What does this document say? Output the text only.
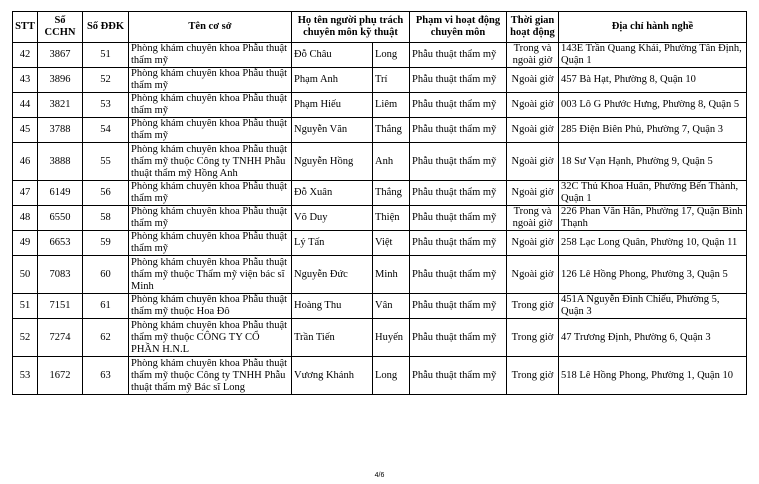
STT	Số CCHN	Số ĐĐK	Tên cơ sở	Họ tên người phụ trách chuyên môn kỹ thuật		Phạm vi hoạt động chuyên môn	Thời gian hoạt động	Địa chỉ hành nghề
42	3867	51	Phòng khám chuyên khoa Phẫu thuật thẩm mỹ	Đỗ Châu	Long	Phẫu thuật thẩm mỹ	Trong và ngoài giờ	143E Trần Quang Khải, Phường Tân Định, Quận 1
43	3896	52	Phòng khám chuyên khoa Phẫu thuật thẩm mỹ	Phạm Anh	Trí	Phẫu thuật thẩm mỹ	Ngoài giờ	457 Bà Hạt, Phường 8, Quận 10
44	3821	53	Phòng khám chuyên khoa Phẫu thuật thẩm mỹ	Phạm Hiếu	Liêm	Phẫu thuật thẩm mỹ	Ngoài giờ	003 Lô G Phước Hưng, Phường 8, Quận 5
45	3788	54	Phòng khám chuyên khoa Phẫu thuật thẩm mỹ	Nguyễn Văn	Thắng	Phẫu thuật thẩm mỹ	Ngoài giờ	285 Điện Biên Phủ, Phường 7, Quận 3
46	3888	55	Phòng khám chuyên khoa Phẫu thuật thẩm mỹ thuộc Công ty TNHH Phẫu thuật thẩm mỹ Hồng Anh	Nguyễn Hồng	Anh	Phẫu thuật thẩm mỹ	Ngoài giờ	18 Sư Vạn Hạnh, Phường 9, Quận 5
47	6149	56	Phòng khám chuyên khoa Phẫu thuật thẩm mỹ	Đỗ Xuân	Thắng	Phẫu thuật thẩm mỹ	Ngoài giờ	32C Thủ Khoa Huân, Phường Bến Thành, Quận 1
48	6550	58	Phòng khám chuyên khoa Phẫu thuật thẩm mỹ	Võ Duy	Thiện	Phẫu thuật thẩm mỹ	Trong và ngoài giờ	226 Phan Văn Hân, Phường 17, Quận Bình Thạnh
49	6653	59	Phòng khám chuyên khoa Phẫu thuật thẩm mỹ	Lý Tấn	Việt	Phẫu thuật thẩm mỹ	Ngoài giờ	258 Lạc Long Quân, Phường 10, Quận 11
50	7083	60	Phòng khám chuyên khoa Phẫu thuật thẩm mỹ thuộc Thẩm mỹ viện bác sĩ Minh	Nguyễn Đức	Minh	Phẫu thuật thẩm mỹ	Ngoài giờ	126 Lê Hồng Phong, Phường 3, Quận 5
51	7151	61	Phòng khám chuyên khoa Phẫu thuật thẩm mỹ thuộc Hoa Đô	Hoàng Thu	Vân	Phẫu thuật thẩm mỹ	Trong giờ	451A Nguyễn Đình Chiểu, Phường 5, Quận 3
52	7274	62	Phòng khám chuyên khoa Phẫu thuật thẩm mỹ thuộc CÔNG TY CỔ PHẦN H.N.L	Trần Tiến	Huyến	Phẫu thuật thẩm mỹ	Trong giờ	47 Trương Định, Phường 6, Quận 3
53	1672	63	Phòng khám chuyên khoa Phẫu thuật thẩm mỹ thuộc Công ty TNHH Phẫu thuật thẩm mỹ Bác sĩ Long	Vương Khánh	Long	Phẫu thuật thẩm mỹ	Trong giờ	518 Lê Hồng Phong, Phường 1, Quận 10
4/6
